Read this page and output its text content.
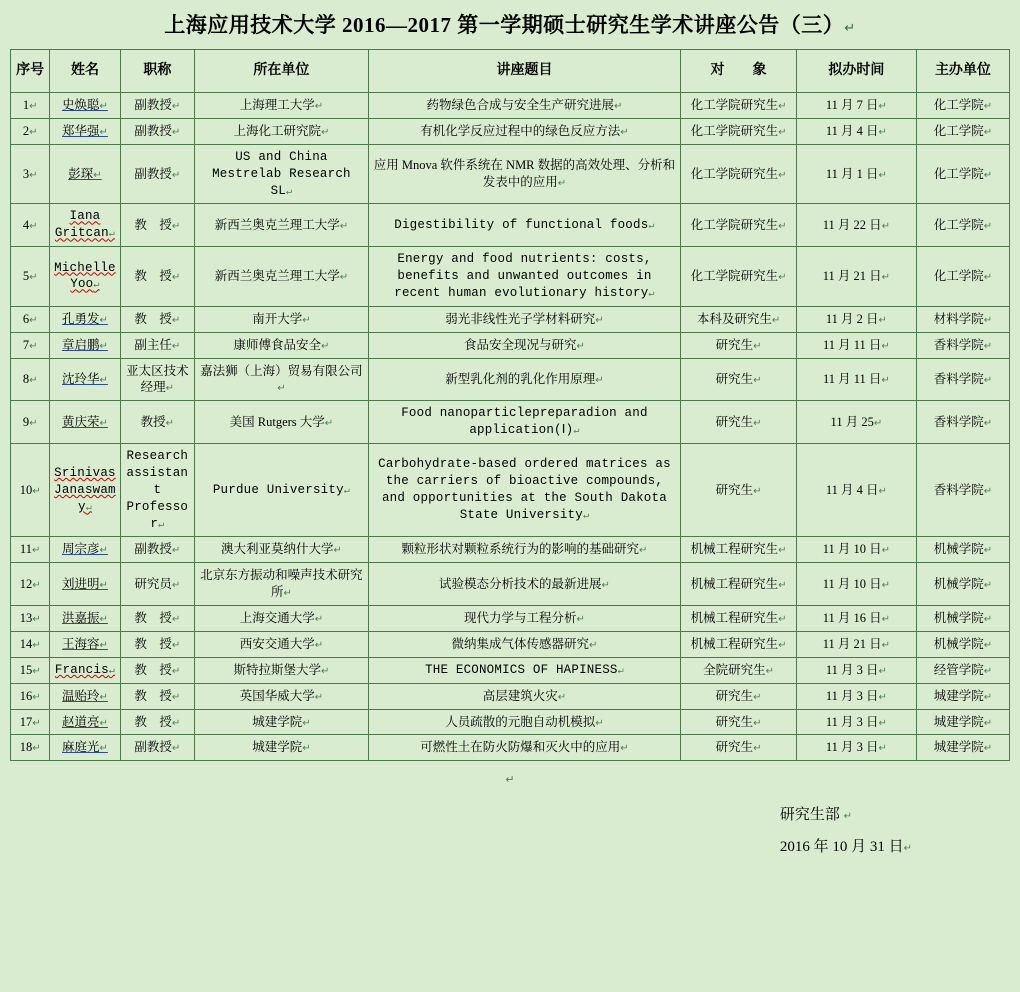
上海应用技术大学 2016—2017 第一学期硕士研究生学术讲座公告（三）↵
序号	姓名	职称	所在单位	讲座题目	对　　象	拟办时间	主办单位
1↵	史焕聪↵	副教授↵	上海理工大学↵	药物绿色合成与安全生产研究进展↵	化工学院研究生↵	11 月 7 日↵	化工学院↵
2↵	郑华强↵	副教授↵	上海化工研究院↵	有机化学反应过程中的绿色反应方法↵	化工学院研究生↵	11 月 4 日↵	化工学院↵
3↵	彭琛↵	副教授↵	US and China Mestrelab Research SL↵	应用 Mnova 软件系统在 NMR 数据的高效处理、分析和发表中的应用↵	化工学院研究生↵	11 月 1 日↵	化工学院↵
4↵	Iana Gritcan↵	教　授↵	新西兰奥克兰理工大学↵	Digestibility of functional foods↵	化工学院研究生↵	11 月 22 日↵	化工学院↵
5↵	Michelle Yoo↵	教　授↵	新西兰奥克兰理工大学↵	Energy and food nutrients: costs, benefits and unwanted outcomes in recent human evolutionary history↵	化工学院研究生↵	11 月 21 日↵	化工学院↵
6↵	孔勇发↵	教　授↵	南开大学↵	弱光非线性光子学材料研究↵	本科及研究生↵	11 月 2 日↵	材料学院↵
7↵	章启鹏↵	副主任↵	康师傅食品安全↵	食品安全现况与研究↵	研究生↵	11 月 11 日↵	香料学院↵
8↵	沈玲华↵	亚太区技术经理↵	嘉法狮（上海）贸易有限公司↵	新型乳化剂的乳化作用原理↵	研究生↵	11 月 11 日↵	香料学院↵
9↵	黄庆荣↵	教授↵	美国 Rutgers 大学↵	Food nanoparticlepreparadion and application(Ⅰ)↵	研究生↵	11 月 25↵	香料学院↵
10↵	Srinivas Janaswamy↵	Research assistant Professor↵	Purdue University↵	Carbohydrate-based ordered matrices as the carriers of bioactive compounds, and opportunities at the South Dakota State University↵	研究生↵	11 月 4 日↵	香料学院↵
11↵	周宗彦↵	副教授↵	澳大利亚莫纳什大学↵	颗粒形状对颗粒系统行为的影响的基础研究↵	机械工程研究生↵	11 月 10 日↵	机械学院↵
12↵	刘进明↵	研究员↵	北京东方振动和噪声技术研究所↵	试验模态分析技术的最新进展↵	机械工程研究生↵	11 月 10 日↵	机械学院↵
13↵	洪嘉振↵	教　授↵	上海交通大学↵	现代力学与工程分析↵	机械工程研究生↵	11 月 16 日↵	机械学院↵
14↵	王海容↵	教　授↵	西安交通大学↵	微纳集成气体传感器研究↵	机械工程研究生↵	11 月 21 日↵	机械学院↵
15↵	Francis↵	教　授↵	斯特拉斯堡大学↵	THE ECONOMICS OF HAPINESS↵	全院研究生↵	11 月 3 日↵	经管学院↵
16↵	温贻玲↵	教　授↵	英国华威大学↵	高层建筑火灾↵	研究生↵	11 月 3 日↵	城建学院↵
17↵	赵道亮↵	教　授↵	城建学院↵	人员疏散的元胞自动机模拟↵	研究生↵	11 月 3 日↵	城建学院↵
18↵	麻庭光↵	副教授↵	城建学院↵	可燃性土在防火防爆和灭火中的应用↵	研究生↵	11 月 3 日↵	城建学院↵
↵
研究生部 ↵
2016 年 10 月 31 日↵
